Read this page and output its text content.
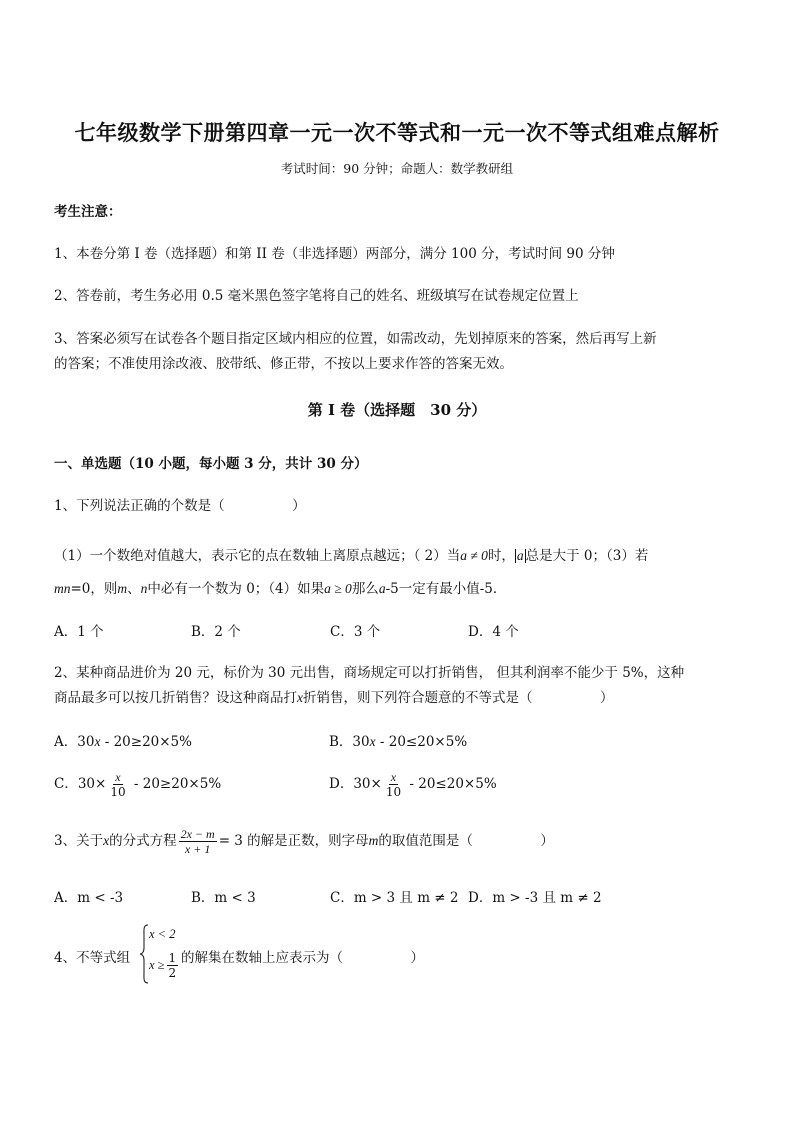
七年级数学下册第四章一元一次不等式和一元一次不等式组难点解析
考试时间：90 分钟；命题人：数学教研组
考生注意：
1、本卷分第 I 卷（选择题）和第 II 卷（非选择题）两部分，满分 100 分，考试时间 90 分钟
2、答卷前，考生务必用 0.5 毫米黑色签字笔将自己的姓名、班级填写在试卷规定位置上
3、答案必须写在试卷各个题目指定区域内相应的位置，如需改动，先划掉原来的答案，然后再写上新
的答案；不准使用涂改液、胶带纸、修正带，不按以上要求作答的答案无效。
第 I 卷（选择题　30 分）
一、单选题（10 小题，每小题 3 分，共计 30 分）
1、下列说法正确的个数是（　　　　　）
（1）一个数绝对值越大，表示它的点在数轴上离原点越远；（ 2）当a ≠ 0时， a 总是大于 0；（3）若
mn=0，则m、n中必有一个数为 0；（4）如果a ≥ 0那么a-5一定有最小值-5．
A．1 个	B．2 个	C．3 个	D．4 个
2、某种商品进价为 20 元，标价为 30 元出售，商场规定可以打折销售， 但其利润率不能少于 5%，这种
商品最多可以按几折销售？设这种商品打x折销售，则下列符合题意的不等式是（　　　　　）
A．30x - 20≥20×5%	B．30x - 20≤20×5%
C．$30\times \frac{x}{10} - 20\ge 20\times 5\%$	D．$30\times \frac{x}{10} - 20\le 20\times 5\%$
3、关于x的分式方程 $\frac{2x - m}{x + 1} = 3$ 的解是正数，则字母m的取值范围是（　　　　　）
A．m < -3	B．m < 3	C．m > 3 且 m ≠ 2 D．m > -3 且 m ≠ 2
4、不等式组
x < 2
$x \ge \frac{1}{2}$ 的解集在数轴上应表示为（　　　　　）
